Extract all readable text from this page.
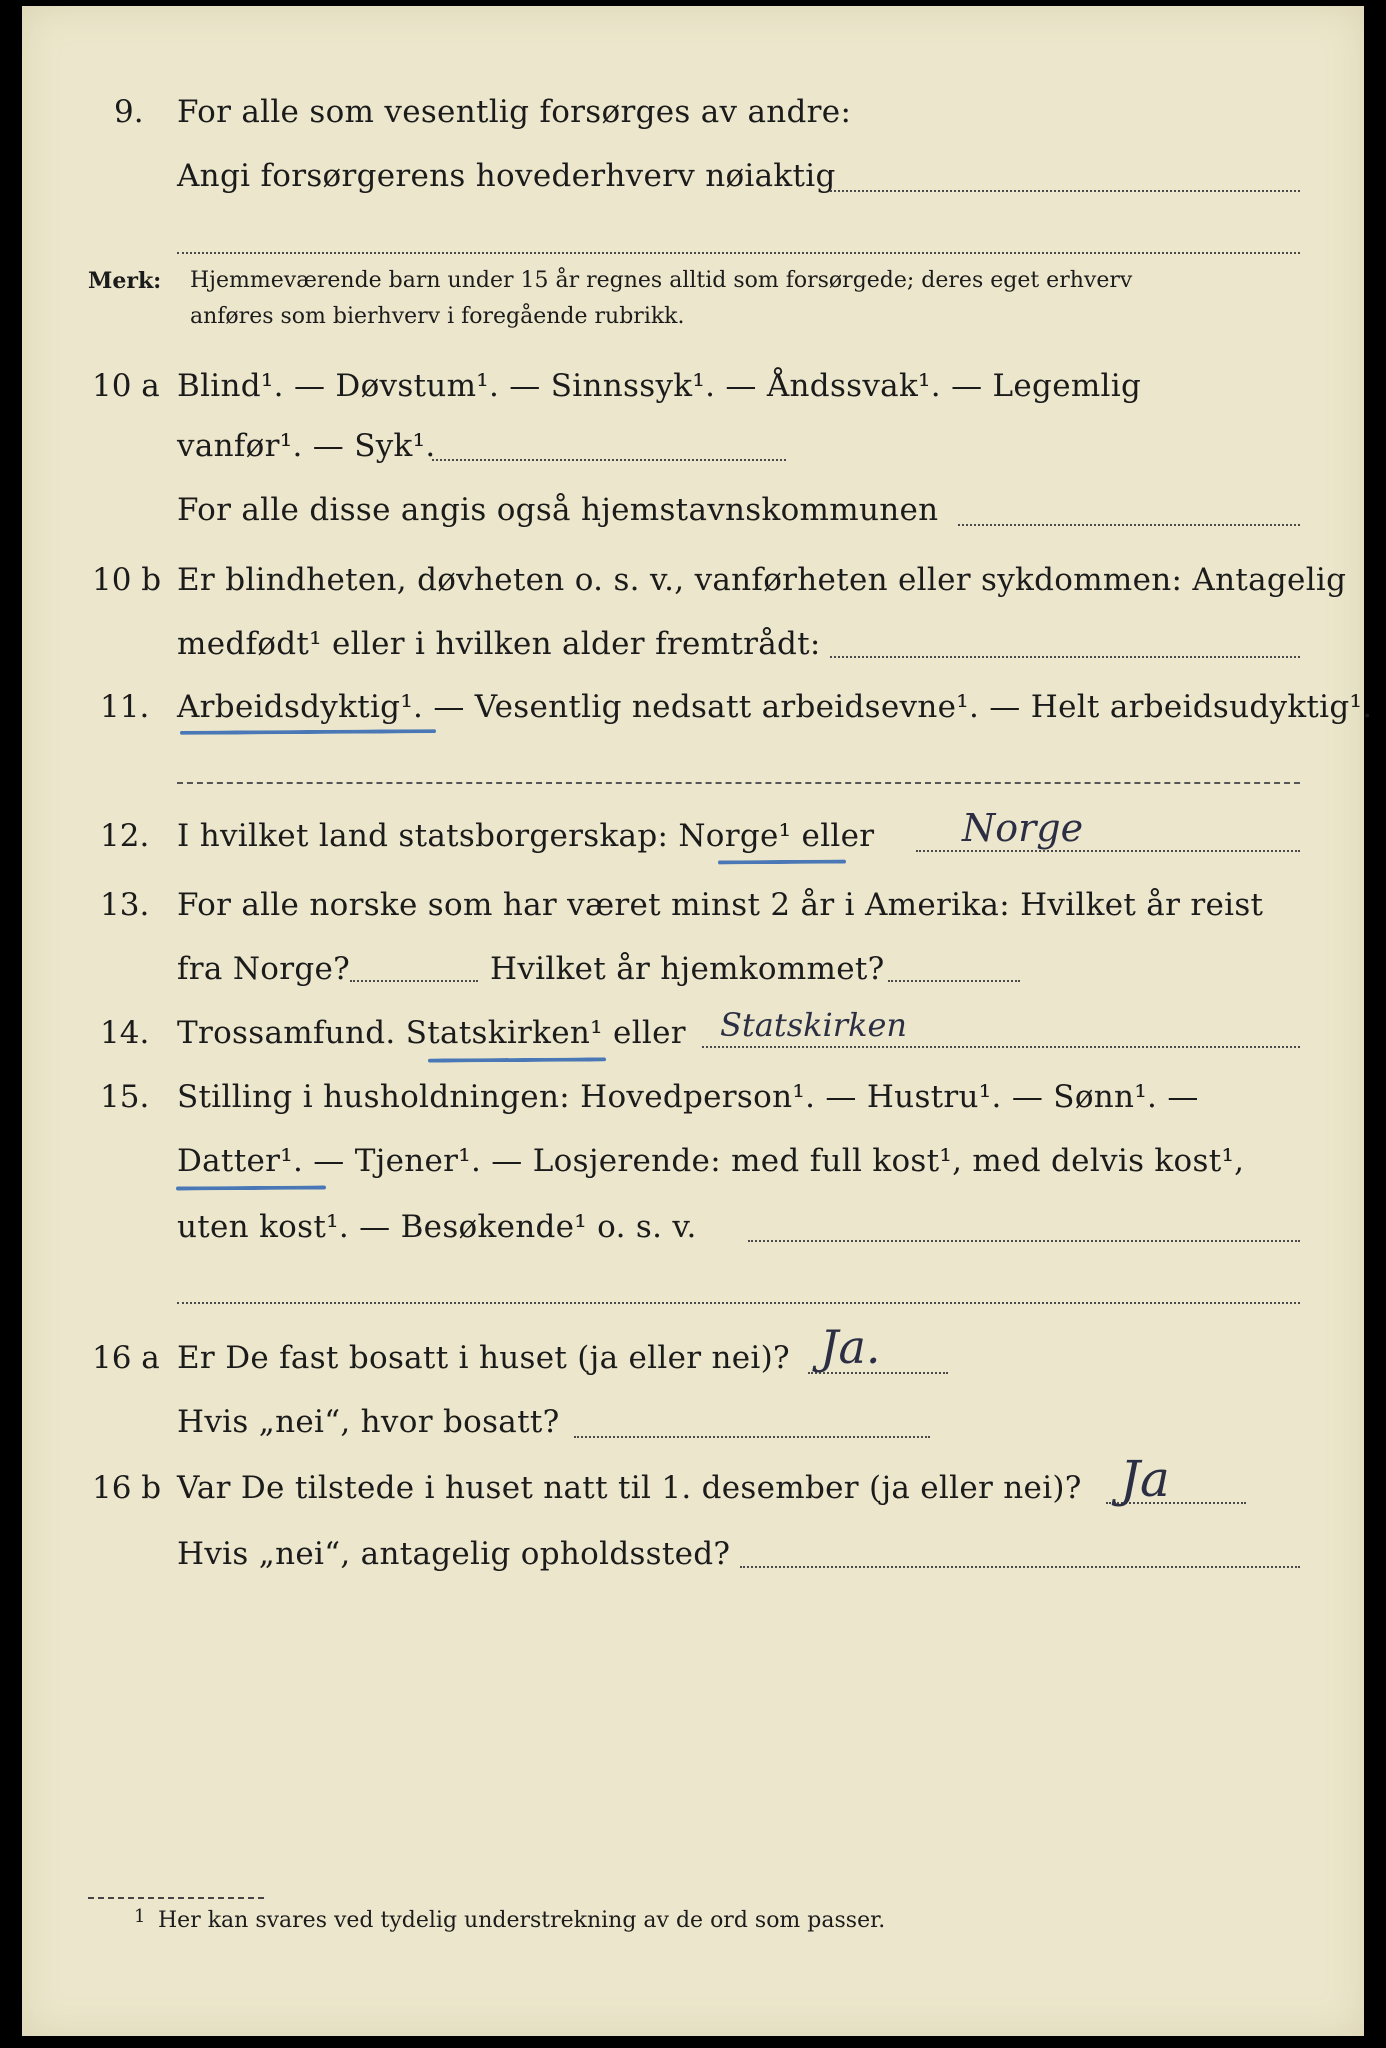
9. For alle som vesentlig forsørges av andre:
Angi forsørgerens hovederhverv nøiaktig
Merk: Hjemmeværende barn under 15 år regnes alltid som forsørgede; deres eget erhverv
anføres som bierhverv i foregående rubrikk.
10 a Blind¹. — Døvstum¹. — Sinnssyk¹. — Åndssvak¹. — Legemlig
vanfør¹. — Syk¹.
For alle disse angis også hjemstavnskommunen
10 b Er blindheten, døvheten o. s. v., vanførheten eller sykdommen: Antagelig
medfødt¹ eller i hvilken alder fremtrådt:
11. Arbeidsdyktig¹. — Vesentlig nedsatt arbeidsevne¹. — Helt arbeidsudyktig¹.
12. I hvilket land statsborgerskap: Norge¹ eller Norge
13. For alle norske som har været minst 2 år i Amerika: Hvilket år reist
fra Norge?	Hvilket år hjemkommet?
14. Trossamfund. Statskirken¹ eller Statskirken
15. Stilling i husholdningen: Hovedperson¹. — Hustru¹. — Sønn¹. —
Datter¹. — Tjener¹. — Losjerende: med full kost¹, med delvis kost¹,
uten kost¹. — Besøkende¹ o. s. v.
16 a Er De fast bosatt i huset (ja eller nei)? Ja.
Hvis „nei“, hvor bosatt?
16 b Var De tilstede i huset natt til 1. desember (ja eller nei)? Ja
Hvis „nei“, antagelig opholdssted?
1 Her kan svares ved tydelig understrekning av de ord som passer.
